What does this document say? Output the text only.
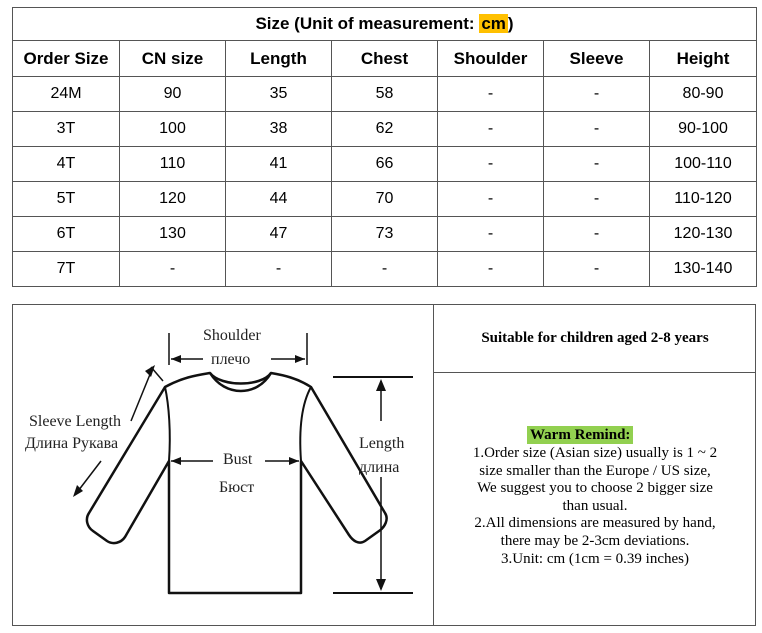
Size (Unit of measurement: cm )						
Order Size	CN size	Length	Chest	Shoulder	Sleeve	Height
24M	90	35	58	-	-	80-90
3T	100	38	62	-	-	90-100
4T	110	41	66	-	-	100-110
5T	120	44	70	-	-	110-120
6T	130	47	73	-	-	120-130
7T	-	-	-	-	-	130-140
Shoulder
плечо
Sleeve Length
Длина Рукава
Bust
Бюст
Length
длина
Suitable for children aged 2-8 years
Warm Remind:
1.Order size (Asian size) usually is 1 ~ 2
size smaller than the Europe / US size,
We suggest you to choose 2 bigger size
than usual.
2.All dimensions are measured by hand,
there may be 2-3cm deviations.
3.Unit: cm (1cm = 0.39 inches)
